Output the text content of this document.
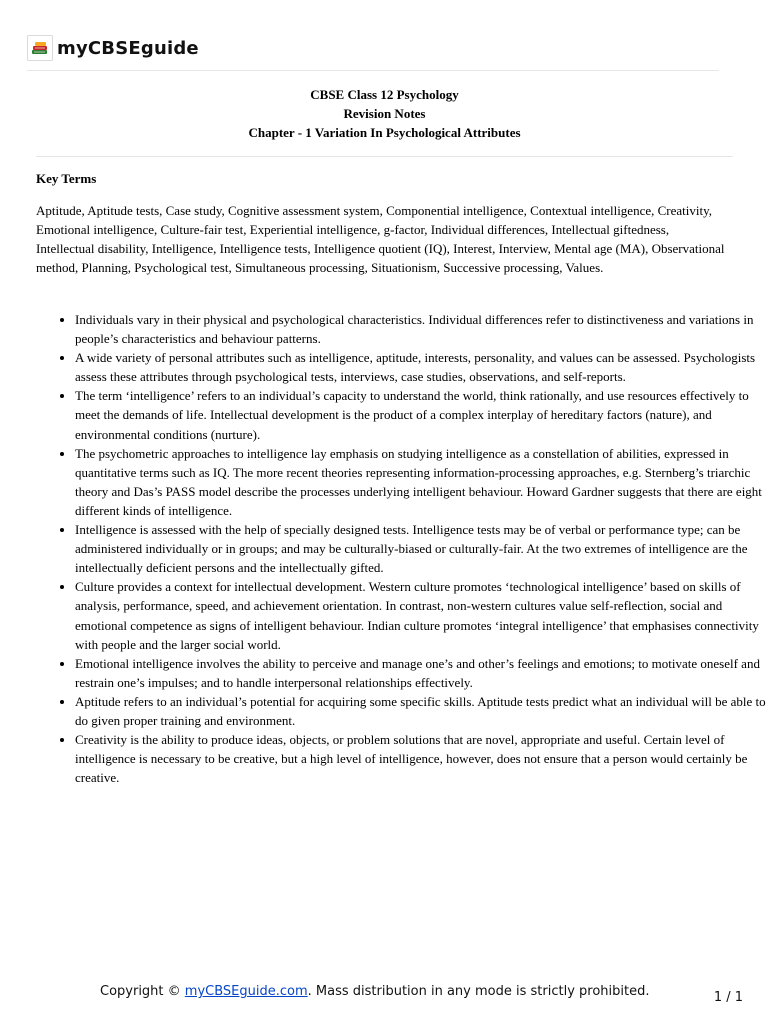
myCBSEguide
CBSE Class 12 Psychology
Revision Notes
Chapter - 1 Variation In Psychological Attributes
Key Terms

Aptitude, Aptitude tests, Case study, Cognitive assessment system, Componential intelligence, Contextual intelligence, Creativity, Emotional intelligence, Culture-fair test, Experiential intelligence, g-factor, Individual differences, Intellectual giftedness, Intellectual disability, Intelligence, Intelligence tests, Intelligence quotient (IQ), Interest, Interview, Mental age (MA), Observational method, Planning, Psychological test, Simultaneous processing, Situationism, Successive processing, Values.

• Individuals vary in their physical and psychological characteristics. Individual differences refer to distinctiveness and variations in people’s characteristics and behaviour patterns.
• A wide variety of personal attributes such as intelligence, aptitude, interests, personality, and values can be assessed. Psychologists assess these attributes through psychological tests, interviews, case studies, observations, and self-reports.
• The term ‘intelligence’ refers to an individual’s capacity to understand the world, think rationally, and use resources effectively to meet the demands of life. Intellectual development is the product of a complex interplay of hereditary factors (nature), and environmental conditions (nurture).
• The psychometric approaches to intelligence lay emphasis on studying intelligence as a constellation of abilities, expressed in quantitative terms such as IQ. The more recent theories representing information-processing approaches, e.g. Sternberg’s triarchic theory and Das’s PASS model describe the processes underlying intelligent behaviour. Howard Gardner suggests that there are eight different kinds of intelligence.
• Intelligence is assessed with the help of specially designed tests. Intelligence tests may be of verbal or performance type; can be administered individually or in groups; and may be culturally-biased or culturally-fair. At the two extremes of intelligence are the intellectually deficient persons and the intellectually gifted.
• Culture provides a context for intellectual development. Western culture promotes ‘technological intelligence’ based on skills of analysis, performance, speed, and achievement orientation. In contrast, non-western cultures value self-reflection, social and emotional competence as signs of intelligent behaviour. Indian culture promotes ‘integral intelligence’ that emphasises connectivity with people and the larger social world.
• Emotional intelligence involves the ability to perceive and manage one’s and other’s feelings and emotions; to motivate oneself and restrain one’s impulses; and to handle interpersonal relationships effectively.
• Aptitude refers to an individual’s potential for acquiring some specific skills. Aptitude tests predict what an individual will be able to do given proper training and environment.
• Creativity is the ability to produce ideas, objects, or problem solutions that are novel, appropriate and useful. Certain level of intelligence is necessary to be creative, but a high level of intelligence, however, does not ensure that a person would certainly be creative.
Copyright © myCBSEguide.com. Mass distribution in any mode is strictly prohibited.	1 / 1
